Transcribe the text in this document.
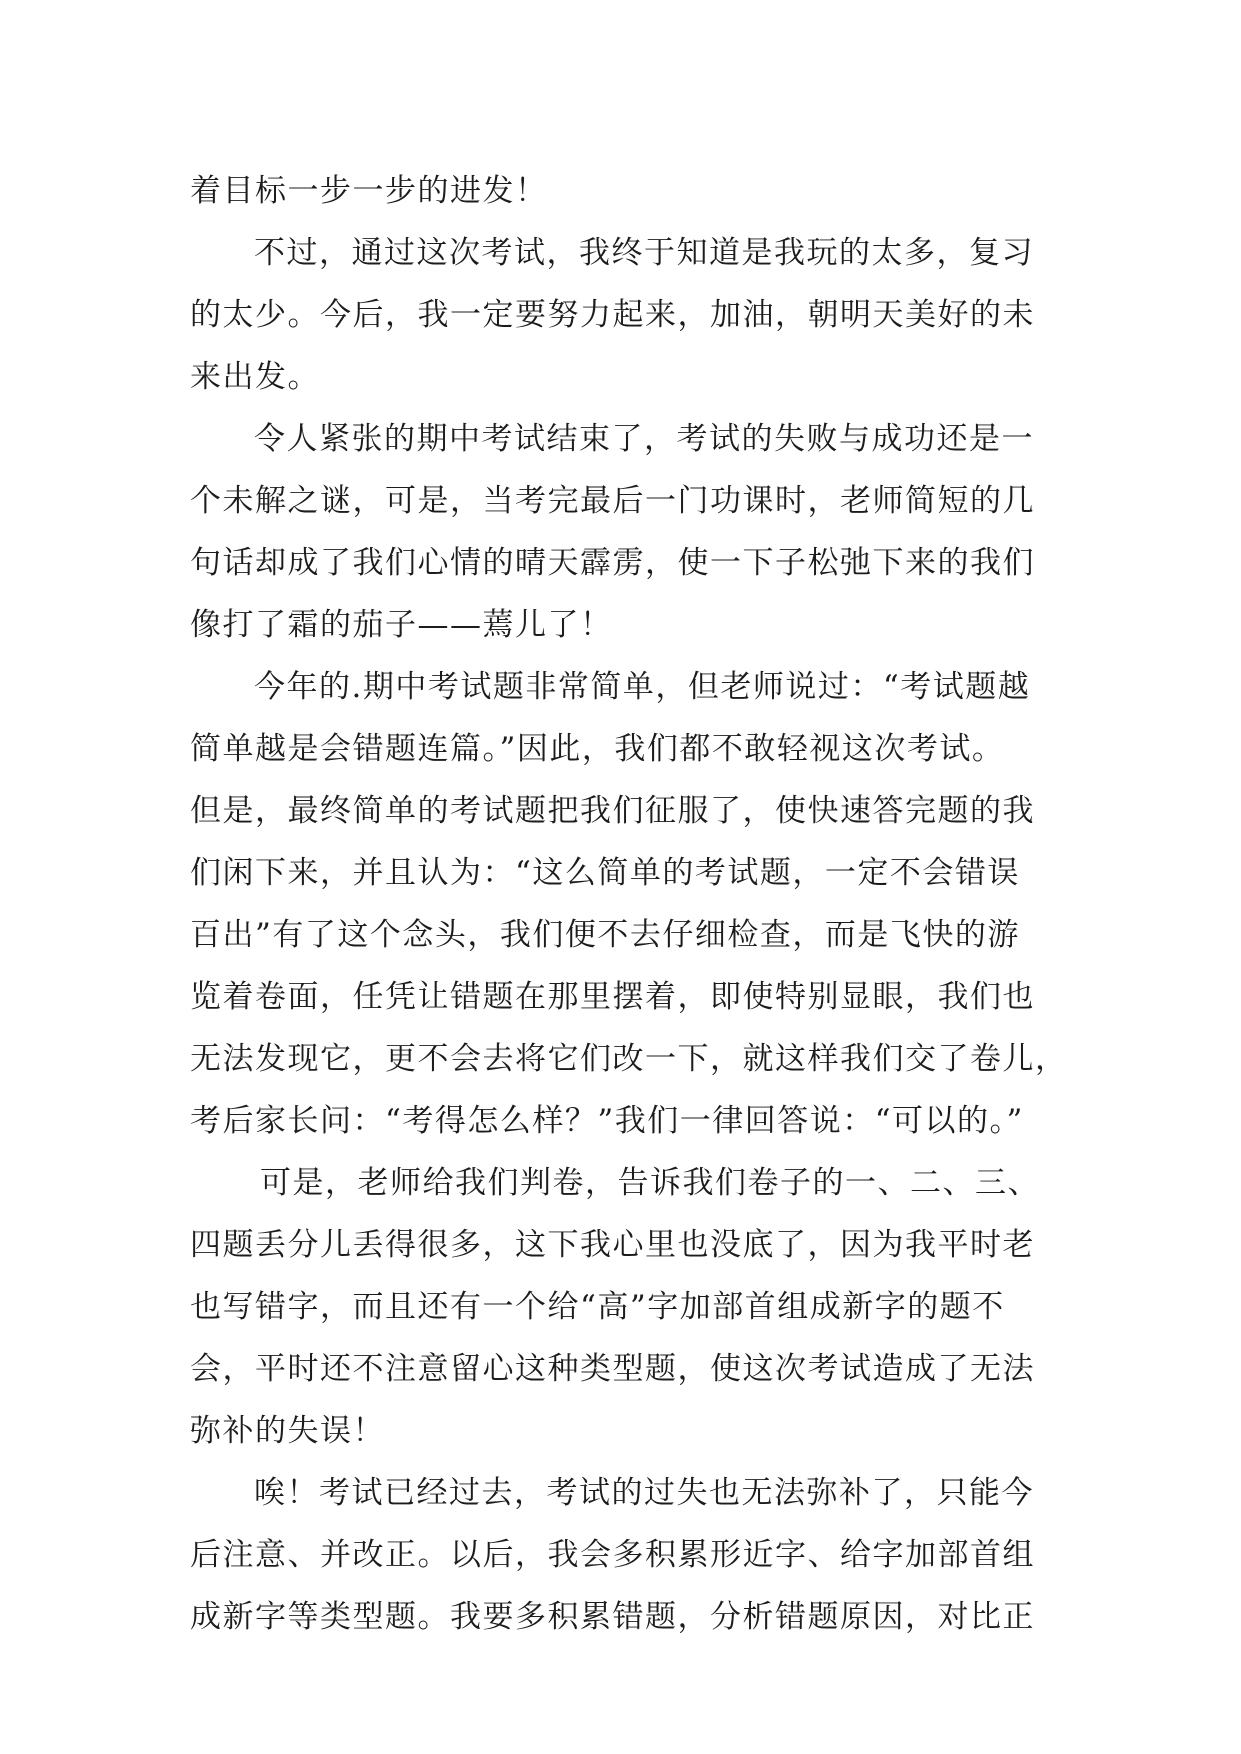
着目标一步一步的进发！
不过，通过这次考试，我终于知道是我玩的太多，复习
的太少。今后，我一定要努力起来，加油，朝明天美好的未
来出发。
令人紧张的期中考试结束了，考试的失败与成功还是一
个未解之谜，可是，当考完最后一门功课时，老师简短的几
句话却成了我们心情的晴天霹雳，使一下子松弛下来的我们
像打了霜的茄子——蔫儿了！
今年的.期中考试题非常简单，但老师说过：“考试题越
简单越是会错题连篇。”因此，我们都不敢轻视这次考试。
但是，最终简单的考试题把我们征服了，使快速答完题的我
们闲下来，并且认为：“这么简单的考试题，一定不会错误
百出”有了这个念头，我们便不去仔细检查，而是飞快的游
览着卷面，任凭让错题在那里摆着，即使特别显眼，我们也
无法发现它，更不会去将它们改一下，就这样我们交了卷儿，
考后家长问：“考得怎么样？”我们一律回答说：“可以的。”
可是，老师给我们判卷，告诉我们卷子的一、二、三、
四题丢分儿丢得很多，这下我心里也没底了，因为我平时老
也写错字，而且还有一个给“高”字加部首组成新字的题不
会，平时还不注意留心这种类型题，使这次考试造成了无法
弥补的失误！
唉！考试已经过去，考试的过失也无法弥补了，只能今
后注意、并改正。以后，我会多积累形近字、给字加部首组
成新字等类型题。我要多积累错题，分析错题原因，对比正
